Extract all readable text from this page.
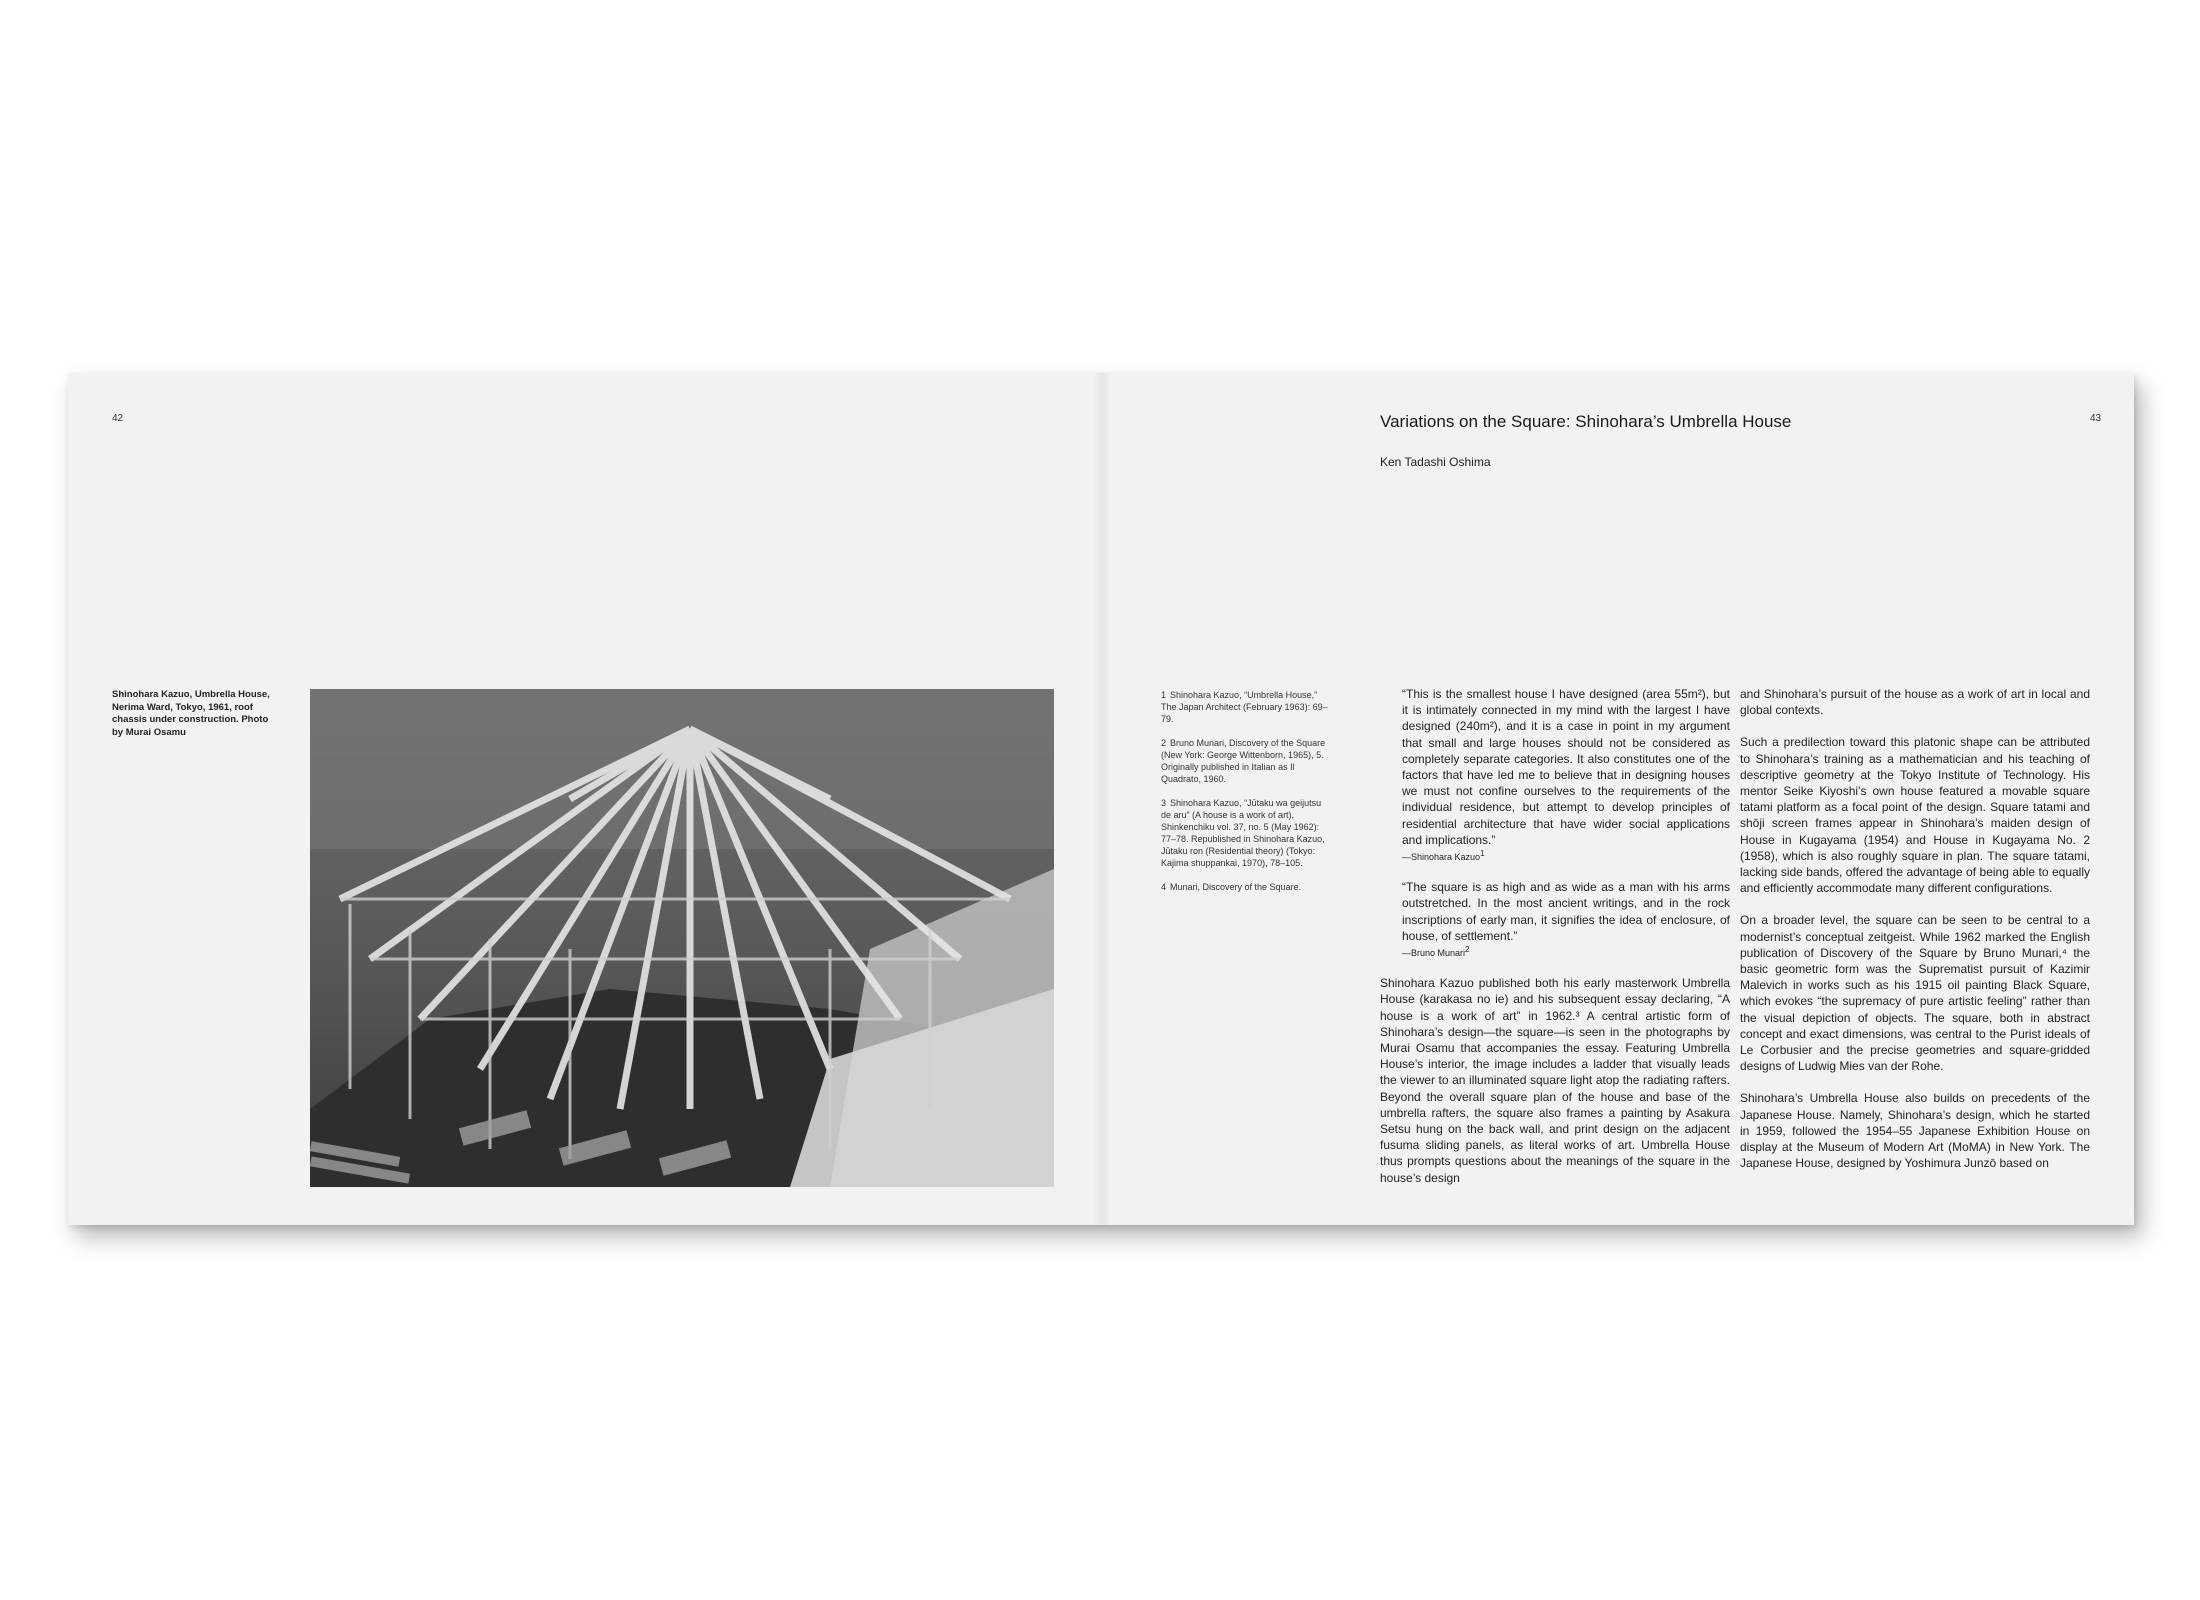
42
Shinohara Kazuo, Umbrella House, Nerima Ward, Tokyo, 1961, roof chassis under construction. Photo by Murai Osamu
43
Variations on the Square: Shinohara’s Umbrella House
Ken Tadashi Oshima
1 Shinohara Kazuo, “Umbrella House,” The Japan Architect (February 1963): 69–79.
2 Bruno Munari, Discovery of the Square (New York: George Wittenborn, 1965), 5. Originally published in Italian as Il Quadrato, 1960.
3 Shinohara Kazuo, “Jūtaku wa geijutsu de aru” (A house is a work of art), Shinkenchiku vol. 37, no. 5 (May 1962): 77–78. Republished in Shinohara Kazuo, Jūtaku ron (Residential theory) (Tokyo: Kajima shuppankai, 1970), 78–105.
4 Munari, Discovery of the Square.
“This is the smallest house I have designed (area 55m²), but it is intimately connected in my mind with the largest I have designed (240m²), and it is a case in point in my argument that small and large houses should not be considered as completely separate categories. It also constitutes one of the factors that have led me to believe that in designing houses we must not confine ourselves to the requirements of the individual residence, but attempt to develop principles of residential architecture that have wider social applications and implications.”
—Shinohara Kazuo$^1$
“The square is as high and as wide as a man with his arms outstretched. In the most ancient writings, and in the rock inscriptions of early man, it signifies the idea of enclosure, of house, of settlement.”
—Bruno Munari$^2$

Shinohara Kazuo published both his early masterwork Umbrella House (karakasa no ie) and his subsequent essay declaring, “A house is a work of art” in 1962.³ A central artistic form of Shinohara’s design—the square—is seen in the photographs by Murai Osamu that accompanies the essay. Featuring Umbrella House’s interior, the image includes a ladder that visually leads the viewer to an illuminated square light atop the radiating rafters. Beyond the overall square plan of the house and base of the umbrella rafters, the square also frames a painting by Asakura Setsu hung on the back wall, and print design on the adjacent fusuma sliding panels, as literal works of art. Umbrella House thus prompts questions about the meanings of the square in the house’s design

and Shinohara’s pursuit of the house as a work of art in local and global contexts.

Such a predilection toward this platonic shape can be attributed to Shinohara’s training as a mathematician and his teaching of descriptive geometry at the Tokyo Institute of Technology. His mentor Seike Kiyoshi’s own house featured a movable square tatami platform as a focal point of the design. Square tatami and shōji screen frames appear in Shinohara’s maiden design of House in Kugayama (1954) and House in Kugayama No. 2 (1958), which is also roughly square in plan. The square tatami, lacking side bands, offered the advantage of being able to equally and efficiently accommodate many different configurations.

On a broader level, the square can be seen to be central to a modernist’s conceptual zeitgeist. While 1962 marked the English publication of Discovery of the Square by Bruno Munari,⁴ the basic geometric form was the Suprematist pursuit of Kazimir Malevich in works such as his 1915 oil painting Black Square, which evokes “the supremacy of pure artistic feeling” rather than the visual depiction of objects. The square, both in abstract concept and exact dimensions, was central to the Purist ideals of Le Corbusier and the precise geometries and square-gridded designs of Ludwig Mies van der Rohe.

Shinohara’s Umbrella House also builds on precedents of the Japanese House. Namely, Shinohara’s design, which he started in 1959, followed the 1954–55 Japanese Exhibition House on display at the Museum of Modern Art (MoMA) in New York. The Japanese House, designed by Yoshimura Junzō based on
